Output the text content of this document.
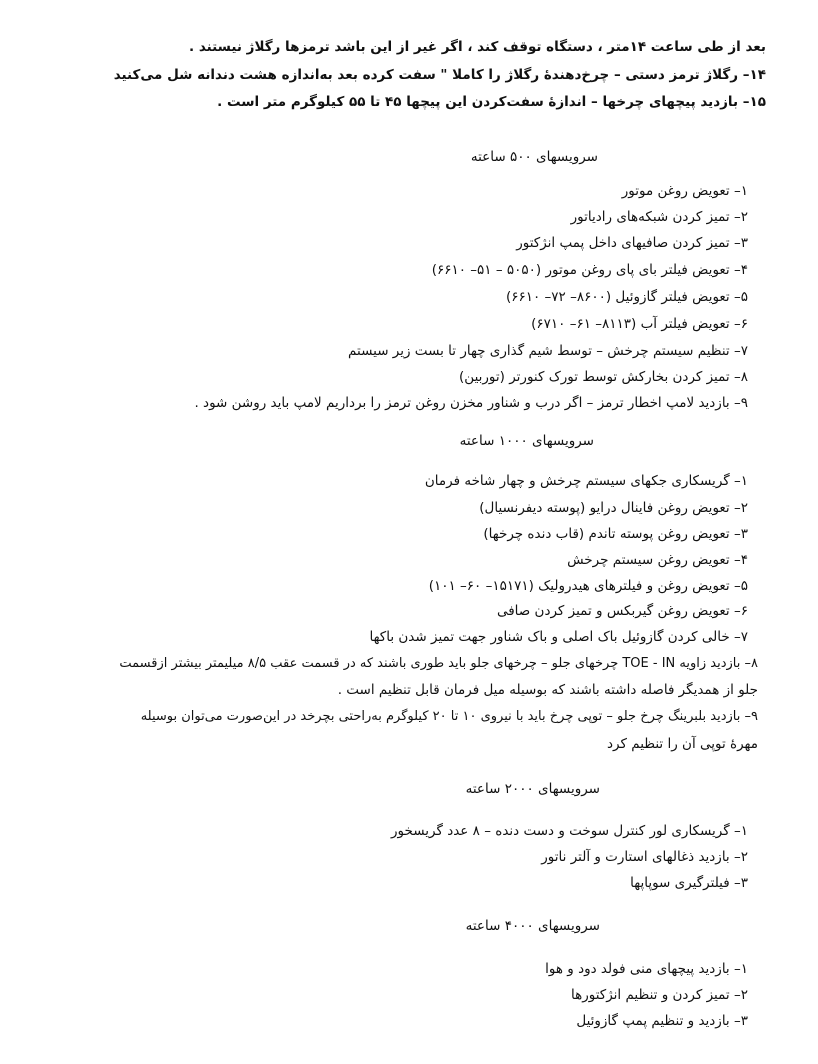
بعد از طی ساعت ۱۴متر ، دستگاه توقف کند ، اگر غیر از این باشد ترمزها رگلاژ نیستند .
۱۴– رگلاژ ترمز دستی – چرخ‌دهنده‌ٔ رگلاژ را کاملا " سفت کرده بعد به‌اندازه هشت دندانه شل می‌کنید
۱۵– بازدید پیچهای چرخها – اندازه‌ٔ سفت‌کردن این پیچها ۴۵ تا ۵۵ کیلوگرم متر است .
سرویسهای ۵۰۰ ساعته
۱– تعویض روغن موتور
۲– تمیز کردن شبکه‌های رادیاتور
۳– تمیز کردن صافیهای داخل پمپ انژکتور
۴– تعویض فیلتر بای پای روغن موتور (۵۰۵۰ – ۵۱– ۶۶۱۰)
۵– تعویض فیلتر گازوئیل (۸۶۰۰– ۷۲– ۶۶۱۰)
۶– تعویض فیلتر آب (۸۱۱۳– ۶۱– ۶۷۱۰)
۷– تنظیم سیستم چرخش – توسط شیم گذاری چهار تا بست زیر سیستم
۸– تمیز کردن بخارکش توسط تورک کنورتر (توربین)
۹– بازدید لامپ اخطار ترمز – اگر درب و شناور مخزن روغن ترمز را برداریم لامپ باید روشن شود .
سرویسهای ۱۰۰۰ ساعته
۱– گریسکاری جکهای سیستم چرخش و چهار شاخه فرمان
۲– تعویض روغن فاینال درایو (پوسته دیفرنسیال)
۳– تعویض روغن پوسته تاندم (قاب دنده چرخها)
۴– تعویض روغن سیستم چرخش
۵– تعویض روغن و فیلترهای هیدرولیک (۱۵۱۷۱– ۶۰– ۱۰۱)
۶– تعویض روغن گیربکس و تمیز کردن صافی
۷– خالی کردن گازوئیل باک اصلی و باک شناور جهت تمیز شدن باکها
۸– بازدید زاویه TOE - IN چرخهای جلو – چرخهای جلو باید طوری باشند که در قسمت عقب ۸/۵ میلیمتر بیشتر ازقسمت
جلو از همدیگر فاصله داشته باشند که بوسیله میل فرمان قابل تنظیم است .
۹– بازدید بلبرینگ چرخ جلو – توپی چرخ باید با نیروی ۱۰ تا ۲۰ کیلوگرم به‌راحتی بچرخد در این‌صورت می‌توان بوسیله
مهره‌ٔ توپی آن را تنظیم کرد
سرویسهای ۲۰۰۰ ساعته
۱– گریسکاری لور کنترل سوخت و دست دنده – ۸ عدد گریسخور
۲– بازدید ذغالهای استارت و آلتر ناتور
۳– فیلترگیری سوپاپها
سرویسهای ۴۰۰۰ ساعته
۱– بازدید پیچهای منی فولد دود و هوا
۲– تمیز کردن و تنظیم انژکتورها
۳– بازدید و تنظیم پمپ گازوئیل
